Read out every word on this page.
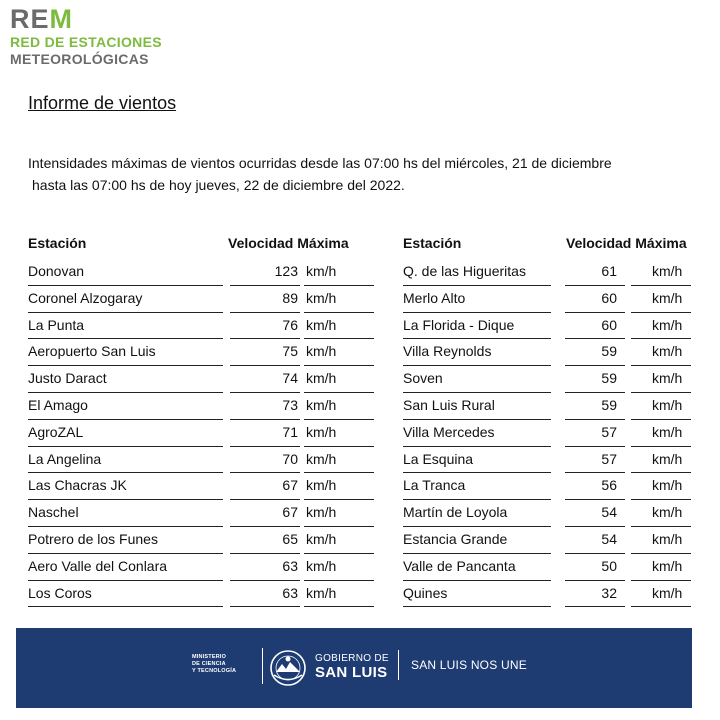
REM
RED DE ESTACIONES
METEOROLÓGICAS
Informe de vientos
Intensidades máximas de vientos ocurridas desde las 07:00 hs del miércoles, 21 de diciembre
hasta las 07:00 hs de hoy jueves, 22 de diciembre del 2022.
Estación	Velocidad Máxima
Donovan	123 km/h
Coronel Alzogaray	89 km/h
La Punta	76 km/h
Aeropuerto San Luis	75 km/h
Justo Daract	74 km/h
El Amago	73 km/h
AgroZAL	71 km/h
La Angelina	70 km/h
Las Chacras JK	67 km/h
Naschel	67 km/h
Potrero de los Funes	65 km/h
Aero Valle del Conlara	63 km/h
Los Coros	63 km/h
Estación	Velocidad Máxima
Q. de las Higueritas	61	km/h
Merlo Alto	60	km/h
La Florida - Dique	60	km/h
Villa Reynolds	59	km/h
Soven	59	km/h
San Luis Rural	59	km/h
Villa Mercedes	57	km/h
La Esquina	57	km/h
La Tranca	56	km/h
Martín de Loyola	54	km/h
Estancia Grande	54	km/h
Valle de Pancanta	50	km/h
Quines	32	km/h
MINISTERIO
DE CIENCIA
Y TECNOLOGÍA
GOBIERNO DE
SAN LUIS SAN LUIS NOS UNE
